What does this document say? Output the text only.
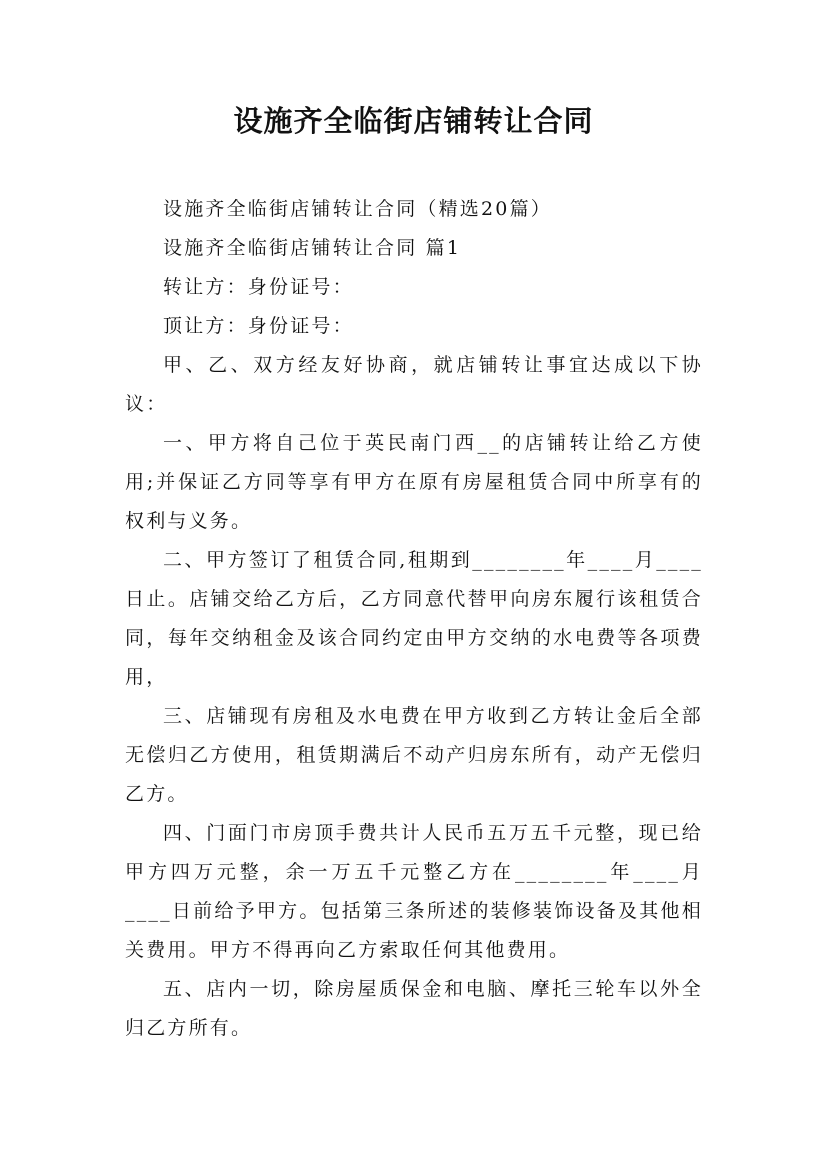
设施齐全临街店铺转让合同

设施齐全临街店铺转让合同（精选20篇）

设施齐全临街店铺转让合同 篇1

转让方：身份证号：

顶让方：身份证号：

甲、乙、双方经友好协商，就店铺转让事宜达成以下协议：

一、甲方将自己位于英民南门西__的店铺转让给乙方使用;并保证乙方同等享有甲方在原有房屋租赁合同中所享有的权利与义务。

二、甲方签订了租赁合同,租期到________年____月____日止。店铺交给乙方后，乙方同意代替甲向房东履行该租赁合同，每年交纳租金及该合同约定由甲方交纳的水电费等各项费用，

三、店铺现有房租及水电费在甲方收到乙方转让金后全部无偿归乙方使用，租赁期满后不动产归房东所有，动产无偿归乙方。

四、门面门市房顶手费共计人民币五万五千元整，现已给甲方四万元整，余一万五千元整乙方在________年____月____日前给予甲方。包括第三条所述的装修装饰设备及其他相关费用。甲方不得再向乙方索取任何其他费用。

五、店内一切，除房屋质保金和电脑、摩托三轮车以外全归乙方所有。
